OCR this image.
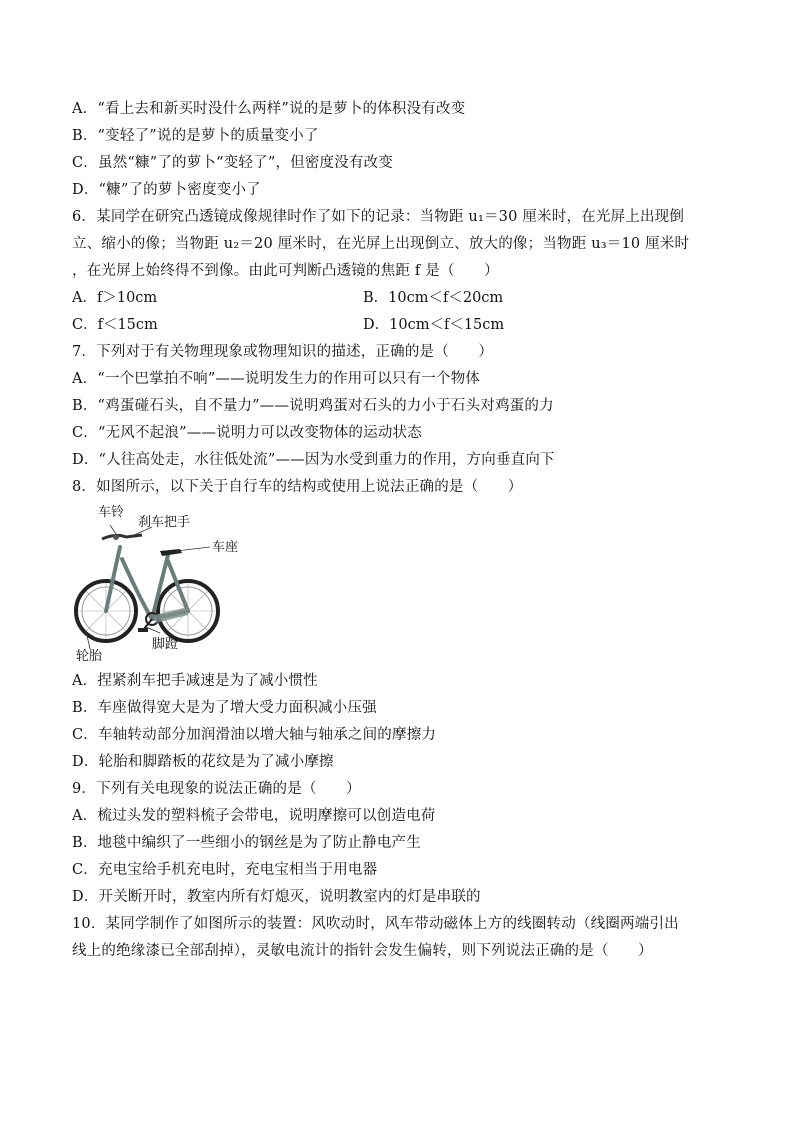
A．“看上去和新买时没什么两样”说的是萝卜的体积没有改变
B．“变轻了”说的是萝卜的质量变小了
C．虽然“糠”了的萝卜“变轻了”，但密度没有改变
D．“糠”了的萝卜密度变小了
6．某同学在研究凸透镜成像规律时作了如下的记录：当物距 u₁＝30 厘米时，在光屏上出现倒
立、缩小的像；当物距 u₂＝20 厘米时，在光屏上出现倒立、放大的像；当物距 u₃＝10 厘米时
，在光屏上始终得不到像。由此可判断凸透镜的焦距 f 是（　　）
A．f＞10cm	B．10cm＜f＜20cm
C．f＜15cm	D．10cm＜f＜15cm
7．下列对于有关物理现象或物理知识的描述，正确的是（　　）
A．“一个巴掌拍不响”——说明发生力的作用可以只有一个物体
B．“鸡蛋碰石头，自不量力”——说明鸡蛋对石头的力小于石头对鸡蛋的力
C．“无风不起浪”——说明力可以改变物体的运动状态
D．“人往高处走，水往低处流”——因为水受到重力的作用，方向垂直向下
8．如图所示，以下关于自行车的结构或使用上说法正确的是（　　）
车铃
刹车把手
车座
脚蹬
轮胎
A．捏紧刹车把手减速是为了减小惯性
B．车座做得宽大是为了增大受力面积减小压强
C．车轴转动部分加润滑油以增大轴与轴承之间的摩擦力
D．轮胎和脚踏板的花纹是为了减小摩擦
9．下列有关电现象的说法正确的是（　　）
A．梳过头发的塑料梳子会带电，说明摩擦可以创造电荷
B．地毯中编织了一些细小的钢丝是为了防止静电产生
C．充电宝给手机充电时，充电宝相当于用电器
D．开关断开时，教室内所有灯熄灭，说明教室内的灯是串联的
10．某同学制作了如图所示的装置：风吹动时，风车带动磁体上方的线圈转动（线圈两端引出
线上的绝缘漆已全部刮掉），灵敏电流计的指针会发生偏转，则下列说法正确的是（　　）
